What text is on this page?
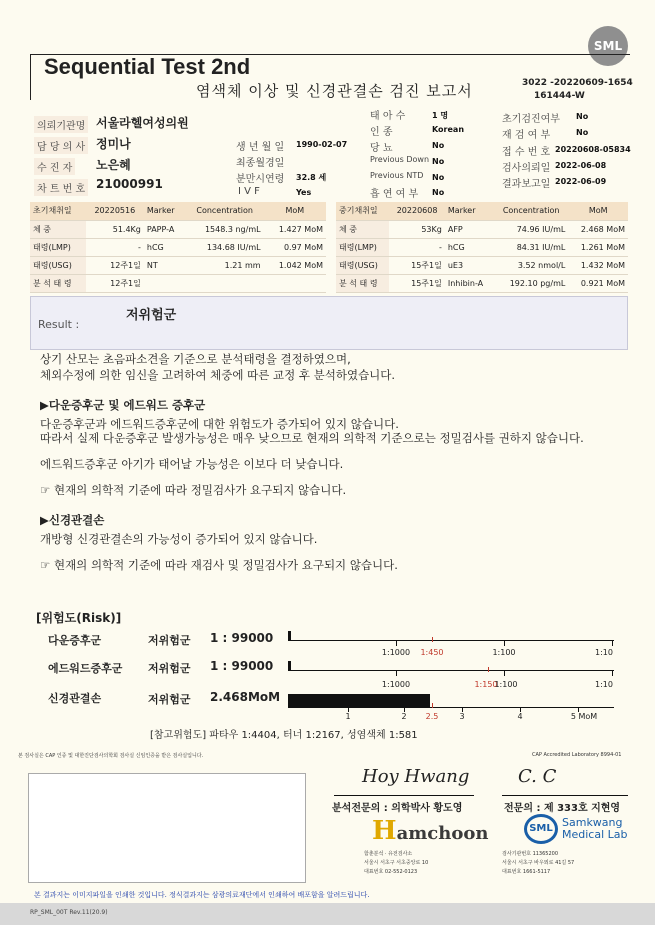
SML
Sequential Test 2nd
염색체 이상 및 신경관결손 검진 보고서	3022 -20220609-1654
161444-W
의뢰기관명 서울라헬여성의원
담 당 의 사 정미나
수 진 자 노은혜
차 트 번 호 21000991
생 년 월 일 1990-02-07
최종월경일
분만시연령 32.8 세
I V F	Yes
태 아 수	1 명
인 종	Korean
당 뇨	No
Previous Down No
Previous NTD No
흡 연 여 부 No
초기검진여부 No
재 검 여 부	No
접 수 번 호 20220608-05834
검사의뢰일 2022-06-08
결과보고일 2022-06-09
초기채취일	20220516	Marker	Concentration	MoM
체 중	51.4Kg	PAPP-A	1548.3 ng/mL	1.427 MoM
태령(LMP)	-	hCG	134.68 IU/mL	0.97 MoM
태령(USG)	12주1일	NT	1.21 mm	1.042 MoM
분 석 태 령	12주1일			
중기채취일	20220608	Marker	Concentration	MoM
체 중	53Kg	AFP	74.96 IU/mL	2.468 MoM
태령(LMP)	-	hCG	84.31 IU/mL	1.261 MoM
태령(USG)	15주1일	uE3	3.52 nmol/L	1.432 MoM
분 석 태 령	15주1일	Inhibin-A	192.10 pg/mL	0.921 MoM
Result :
저위험군
상기 산모는 초음파소견을 기준으로 분석태령을 결정하였으며,
체외수정에 의한 임신을 고려하여 체중에 따른 교정 후 분석하였습니다.
▶다운증후군 및 에드워드 증후군
다운증후군과 에드워드증후군에 대한 위험도가 증가되어 있지 않습니다.
따라서 실제 다운증후군 발생가능성은 매우 낮으므로 현재의 의학적 기준으로는 정밀검사를 권하지 않습니다.
에드워드증후군 아기가 태어날 가능성은 이보다 더 낮습니다.
☞ 현재의 의학적 기준에 따라 정밀검사가 요구되지 않습니다.
▶신경관결손
개방형 신경관결손의 가능성이 증가되어 있지 않습니다.
☞ 현재의 의학적 기준에 따라 재검사 및 정밀검사가 요구되지 않습니다.
[위험도(Risk)]
다운증후군	저위험군 1 : 99000
에드워드증후군 저위험군 1 : 99000
신경관결손	저위험군 2.468MoM
1:1000 1:450	1:100	1:10
1:1000	1:150
1:100	1:10
1	2 2.5	3	4	5 MoM
[참고위험도] 파타우 1:4404, 터너 1:2167, 성염색체 1:581
본 검사실은 CAP 인증 및 대한진단검사의학회 검사실 신임인증을 받은 검사실입니다.	CAP Accredited Laboratory 8994-01
Hoy Hwang
분석전문의 : 의학박사 황도영
Hamchoon
함춘분석 · 유전검사소
서울시 서초구 서초중앙로 10
대표번호 02-552-0123
C. C
전문의 : 제 333호 지현영
SML Samkwang
Medical Lab
검사기관번호 11365200
서울시 서초구 바우뫼로 41길 57
대표번호 1661-5117
본 결과지는 이미지파일을 인쇄한 것입니다. 정식결과지는 삼광의료재단에서 인쇄하여 배포함을 알려드립니다.
RP_SML_00T Rev.11(20.9)
